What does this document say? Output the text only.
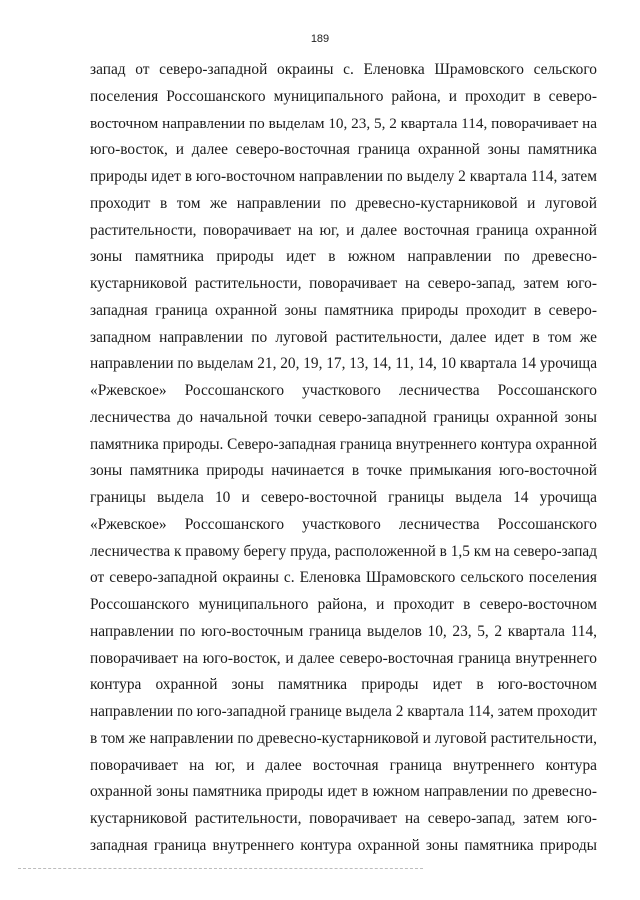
189
запад от северо-западной окраины с. Еленовка Шрамовского сельского
поселения Россошанского муниципального района, и проходит в северо-
восточном направлении по выделам 10, 23, 5, 2 квартала 114, поворачивает на
юго-восток, и далее северо-восточная граница охранной зоны памятника
природы идет в юго-восточном направлении по выделу 2 квартала 114, затем
проходит в том же направлении по древесно-кустарниковой и луговой
растительности, поворачивает на юг, и далее восточная граница охранной
зоны памятника природы идет в южном направлении по древесно-
кустарниковой растительности, поворачивает на северо-запад, затем юго-
западная граница охранной зоны памятника природы проходит в северо-
западном направлении по луговой растительности, далее идет в том же
направлении по выделам 21, 20, 19, 17, 13, 14, 11, 14, 10 квартала 14 урочища
«Ржевское» Россошанского участкового лесничества Россошанского
лесничества до начальной точки северо-западной границы охранной зоны
памятника природы. Северо-западная граница внутреннего контура охранной
зоны памятника природы начинается в точке примыкания юго-восточной
границы выдела 10 и северо-восточной границы выдела 14 урочища
«Ржевское» Россошанского участкового лесничества Россошанского
лесничества к правому берегу пруда, расположенной в 1,5 км на северо-запад
от северо-западной окраины с. Еленовка Шрамовского сельского поселения
Россошанского муниципального района, и проходит в северо-восточном
направлении по юго-восточным граница выделов 10, 23, 5, 2 квартала 114,
поворачивает на юго-восток, и далее северо-восточная граница внутреннего
контура охранной зоны памятника природы идет в юго-восточном
направлении по юго-западной границе выдела 2 квартала 114, затем проходит
в том же направлении по древесно-кустарниковой и луговой растительности,
поворачивает на юг, и далее восточная граница внутреннего контура
охранной зоны памятника природы идет в южном направлении по древесно-
кустарниковой растительности, поворачивает на северо-запад, затем юго-
западная граница внутреннего контура охранной зоны памятника природы
